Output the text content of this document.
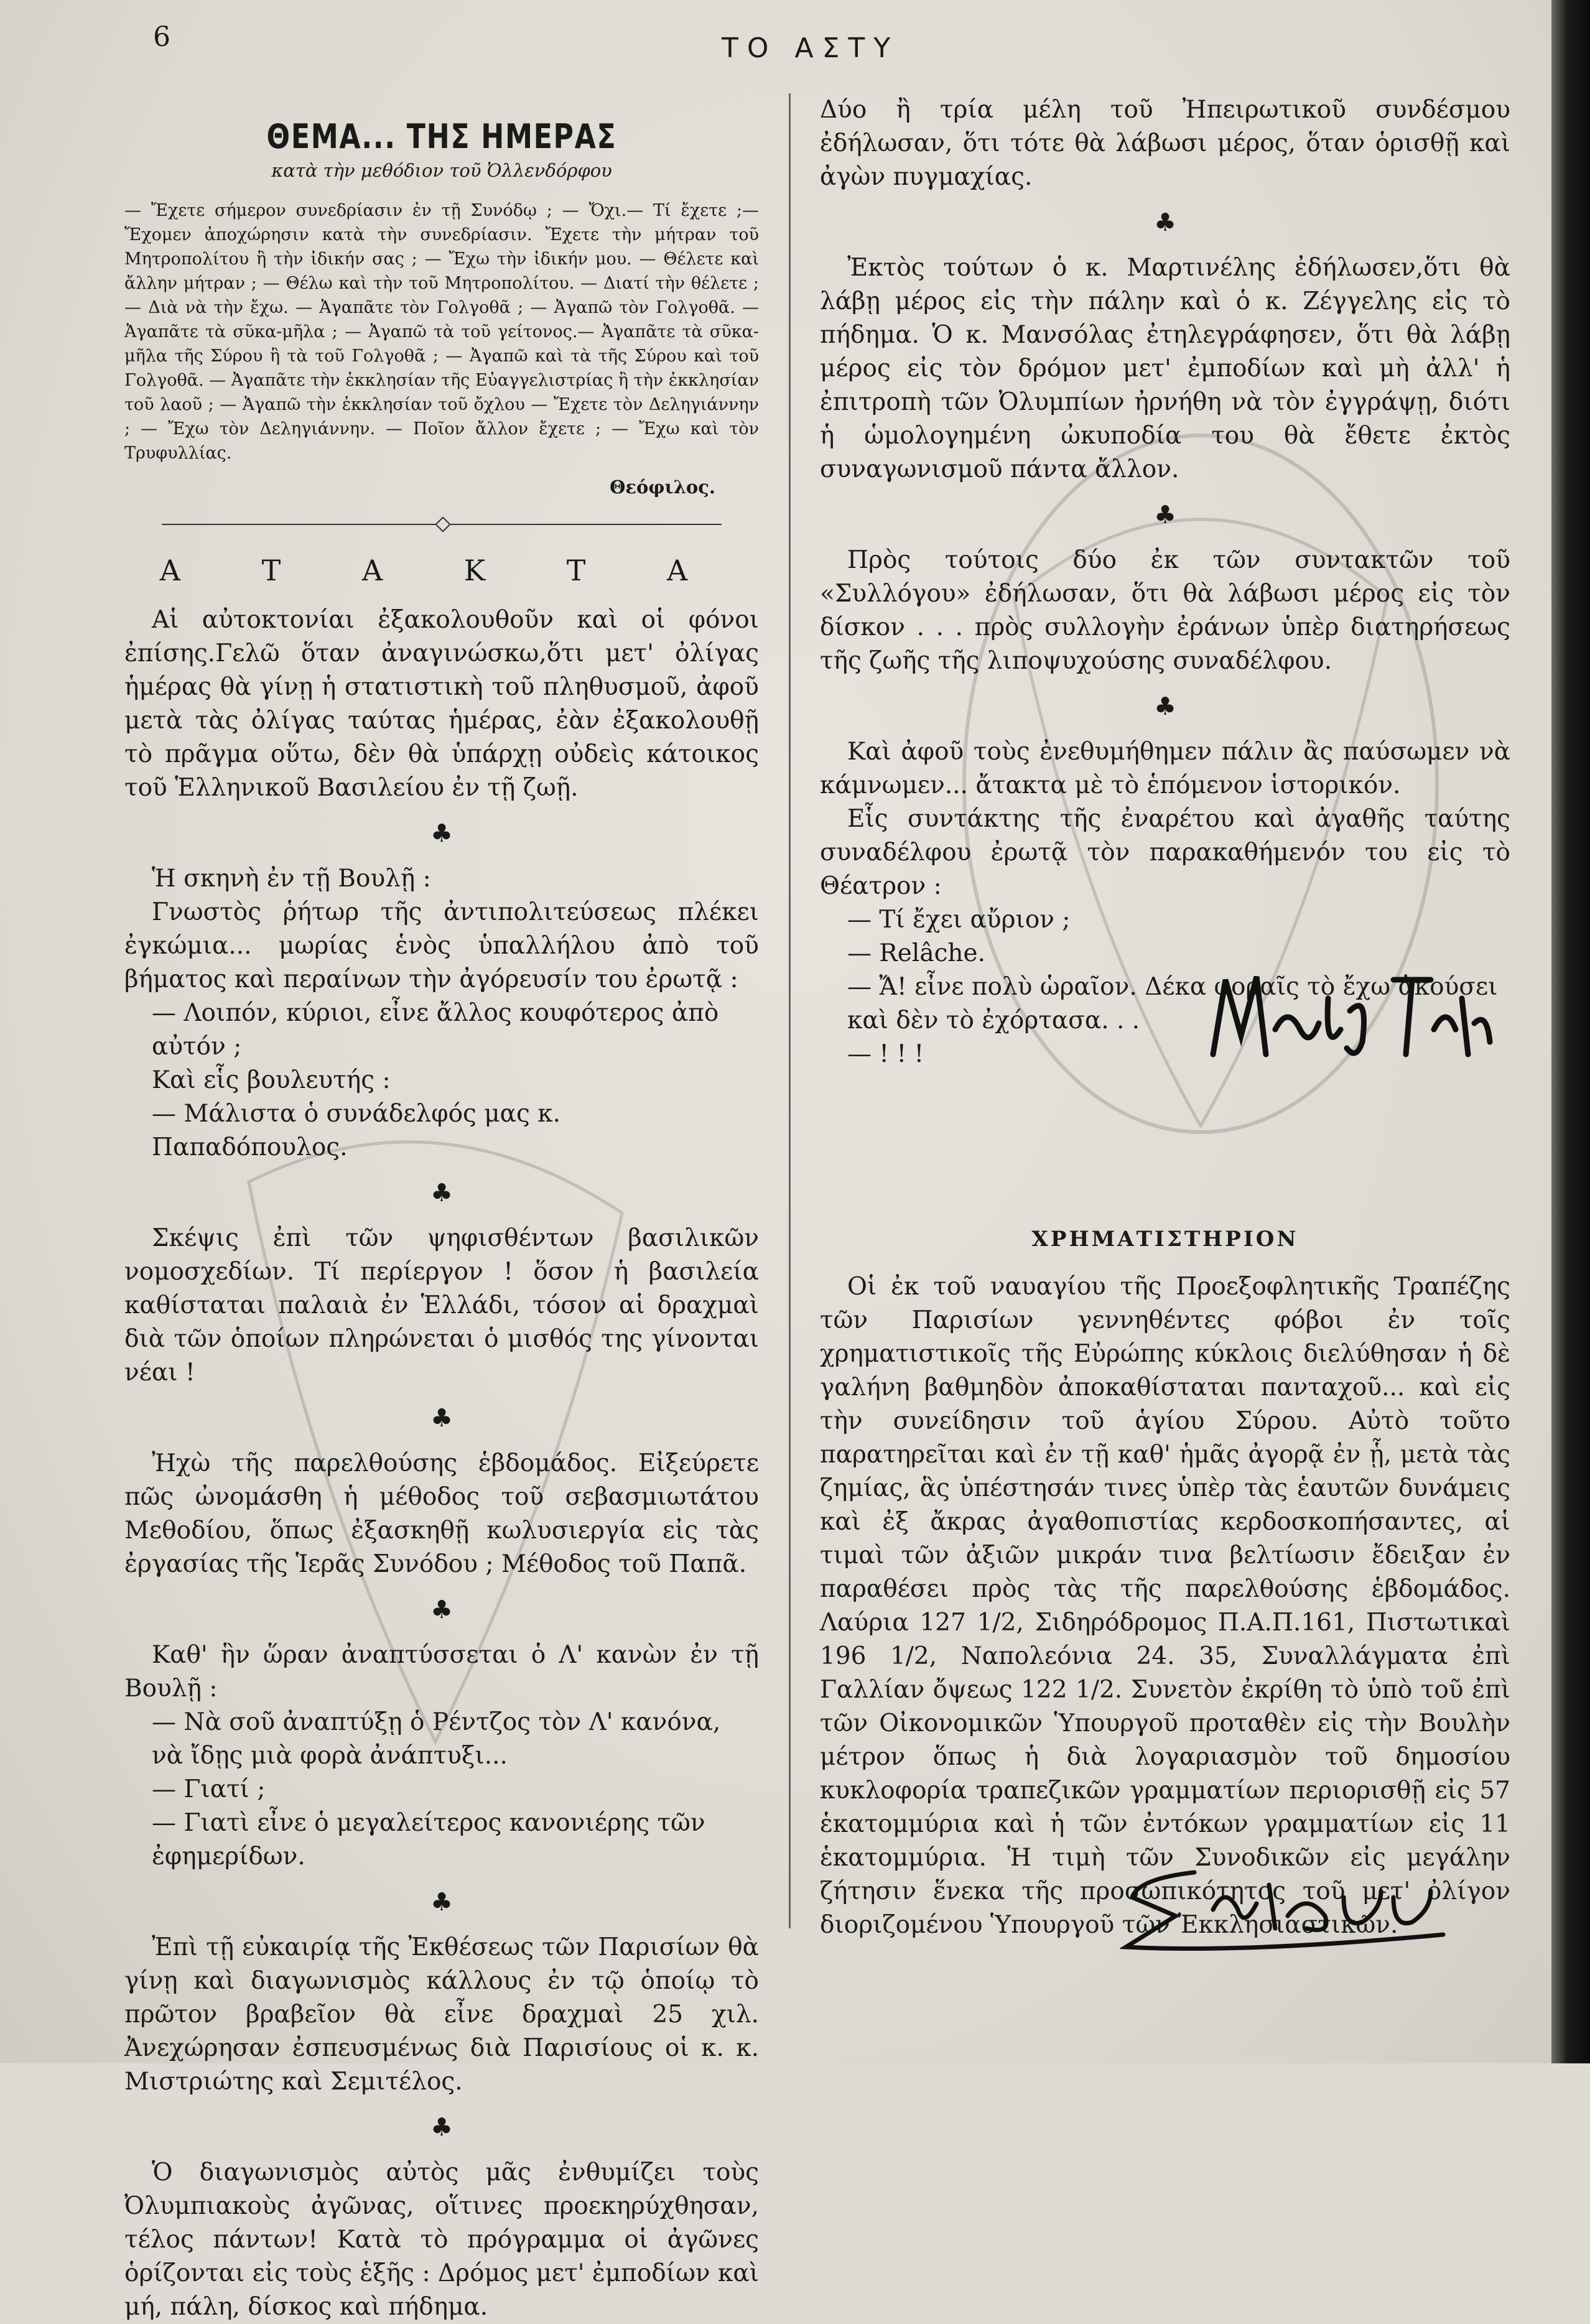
6	ΤΟ ΑΣΤΥ
ΘΕΜΑ... ΤΗΣ ΗΜΕΡΑΣ
κατὰ τὴν μεθόδιον τοῦ Ὀλλενδόρφου

— Ἔχετε σήμερον συνεδρίασιν ἐν τῇ Συνόδῳ ; — Ὄχι.— Τί ἔχετε ;— Ἔχομεν ἀποχώρησιν κατὰ τὴν συνεδρίασιν. Ἔχετε τὴν μήτραν τοῦ Μητροπολίτου ἢ τὴν ἰδικήν σας ; — Ἔχω τὴν ἰδικήν μου. — Θέλετε καὶ ἄλλην μήτραν ; — Θέλω καὶ τὴν τοῦ Μητροπολίτου. — Διατί τὴν θέλετε ; — Διὰ νὰ τὴν ἔχω. — Ἀγαπᾶτε τὸν Γολγοθᾶ ; — Ἀγαπῶ τὸν Γολγοθᾶ. — Ἀγαπᾶτε τὰ σῦκα-μῆλα ; — Ἀγαπῶ τὰ τοῦ γείτονος.— Ἀγαπᾶτε τὰ σῦκα-μῆλα τῆς Σύρου ἢ τὰ τοῦ Γολγοθᾶ ; — Ἀγαπῶ καὶ τὰ τῆς Σύρου καὶ τοῦ Γολγοθᾶ. — Ἀγαπᾶτε τὴν ἐκκλησίαν τῆς Εὐαγγελιστρίας ἢ τὴν ἐκκλησίαν τοῦ λαοῦ ; — Ἀγαπῶ τὴν ἐκκλησίαν τοῦ ὄχλου — Ἔχετε τὸν Δεληγιάννην ; — Ἔχω τὸν Δεληγιάννην. — Ποῖον ἄλλον ἔχετε ; — Ἔχω καὶ τὸν Τρυφυλλίας.

Θεόφιλος.
Α Τ Α Κ Τ Α

Αἱ αὐτοκτονίαι ἐξακολουθοῦν καὶ οἱ φόνοι ἐπίσης.Γελῶ ὅταν ἀναγινώσκω,ὅτι μετ' ὀλίγας ἡμέρας θὰ γίνῃ ἡ στατιστικὴ τοῦ πληθυσμοῦ, ἀφοῦ μετὰ τὰς ὀλίγας ταύτας ἡμέρας, ἐὰν ἐξακολουθῇ τὸ πρᾶγμα οὕτω, δὲν θὰ ὑπάρχῃ οὐδεὶς κάτοικος τοῦ Ἑλληνικοῦ Βασιλείου ἐν τῇ ζωῇ.

♣

Ἡ σκηνὴ ἐν τῇ Βουλῇ :

Γνωστὸς ῥήτωρ τῆς ἀντιπολιτεύσεως πλέκει ἐγκώμια... μωρίας ἑνὸς ὑπαλλήλου ἀπὸ τοῦ βήματος καὶ περαίνων τὴν ἀγόρευσίν του ἐρωτᾷ :

— Λοιπόν, κύριοι, εἶνε ἄλλος κουφότερος ἀπὸ αὐτόν ;

Καὶ εἷς βουλευτής :

— Μάλιστα ὁ συνάδελφός μας κ. Παπαδόπουλος.

♣

Σκέψις ἐπὶ τῶν ψηφισθέντων βασιλικῶν νομοσχεδίων. Τί περίεργον ! ὅσον ἡ βασιλεία καθίσταται παλαιὰ ἐν Ἑλλάδι, τόσον αἱ δραχμαὶ διὰ τῶν ὁποίων πληρώνεται ὁ μισθός της γίνονται νέαι !

♣

Ἠχὼ τῆς παρελθούσης ἑβδομάδος. Εἰξεύρετε πῶς ὠνομάσθη ἡ μέθοδος τοῦ σεβασμιωτάτου Μεθοδίου, ὅπως ἐξασκηθῇ κωλυσιεργία εἰς τὰς ἐργασίας τῆς Ἱερᾶς Συνόδου ; Μέθοδος τοῦ Παπᾶ.

♣

Καθ' ἣν ὥραν ἀναπτύσσεται ὁ Λ' κανὼν ἐν τῇ Βουλῇ :

— Νὰ σοῦ ἀναπτύξῃ ὁ Ρέντζος τὸν Λ' κανόνα, νὰ ἴδῃς μιὰ φορὰ ἀνάπτυξι...

— Γιατί ;

— Γιατὶ εἶνε ὁ μεγαλείτερος κανονιέρης τῶν ἐφημερίδων.

♣

Ἐπὶ τῇ εὐκαιρίᾳ τῆς Ἐκθέσεως τῶν Παρισίων θὰ γίνῃ καὶ διαγωνισμὸς κάλλους ἐν τῷ ὁποίῳ τὸ πρῶτον βραβεῖον θὰ εἶνε δραχμαὶ 25 χιλ. Ἀνεχώρησαν ἐσπευσμένως διὰ Παρισίους οἱ κ. κ. Μιστριώτης καὶ Σεμιτέλος.

♣

Ὁ διαγωνισμὸς αὐτὸς μᾶς ἐνθυμίζει τοὺς Ὀλυμπιακοὺς ἀγῶνας, οἵτινες προεκηρύχθησαν, τέλος πάντων! Κατὰ τὸ πρόγραμμα οἱ ἀγῶνες ὁρίζονται εἰς τοὺς ἑξῆς : Δρόμος μετ' ἐμποδίων καὶ μή, πάλη, δίσκος καὶ πήδημα.

Δύο ἢ τρία μέλη τοῦ Ἠπειρωτικοῦ συνδέσμου ἐδήλωσαν, ὅτι τότε θὰ λάβωσι μέρος, ὅταν ὁρισθῇ καὶ ἀγὼν πυγμαχίας.

♣

Ἐκτὸς τούτων ὁ κ. Μαρτινέλης ἐδήλωσεν,ὅτι θὰ λάβῃ μέρος εἰς τὴν πάλην καὶ ὁ κ. Ζέγγελης εἰς τὸ πήδημα. Ὁ κ. Μανσόλας ἐτηλεγράφησεν, ὅτι θὰ λάβῃ μέρος εἰς τὸν δρόμον μετ' ἐμποδίων καὶ μὴ ἀλλ' ἡ ἐπιτροπὴ τῶν Ὀλυμπίων ἠρνήθη νὰ τὸν ἐγγράψῃ, διότι ἡ ὡμολογημένη ὠκυποδία του θὰ ἔθετε ἐκτὸς συναγωνισμοῦ πάντα ἄλλον.

♣

Πρὸς τούτοις δύο ἐκ τῶν συντακτῶν τοῦ «Συλλόγου» ἐδήλωσαν, ὅτι θὰ λάβωσι μέρος εἰς τὸν δίσκον . . . πρὸς συλλογὴν ἐράνων ὑπὲρ διατηρήσεως τῆς ζωῆς τῆς λιποψυχούσης συναδέλφου.

♣

Καὶ ἀφοῦ τοὺς ἐνεθυμήθημεν πάλιν ἂς παύσωμεν νὰ κάμνωμεν... ἄτακτα μὲ τὸ ἑπόμενον ἱστορικόν.

Εἷς συντάκτης τῆς ἐναρέτου καὶ ἀγαθῆς ταύτης συναδέλφου ἐρωτᾷ τὸν παρακαθήμενόν του εἰς τὸ Θέατρον :

— Τί ἔχει αὔριον ;

— Relâche.

— Ἄ! εἶνε πολὺ ὡραῖον. Δέκα φοραῖς τὸ ἔχω ἀκούσει καὶ δὲν τὸ ἐχόρτασα. . .

— ! ! !

ΧΡΗΜΑΤΙΣΤΗΡΙΟΝ

Οἱ ἐκ τοῦ ναυαγίου τῆς Προεξοφλητικῆς Τραπέζης τῶν Παρισίων γεννηθέντες φόβοι ἐν τοῖς χρηματιστικοῖς τῆς Εὐρώπης κύκλοις διελύθησαν ἡ δὲ γαλήνη βαθμηδὸν ἀποκαθίσταται πανταχοῦ... καὶ εἰς τὴν συνείδησιν τοῦ ἁγίου Σύρου. Αὐτὸ τοῦτο παρατηρεῖται καὶ ἐν τῇ καθ' ἡμᾶς ἀγορᾷ ἐν ᾗ, μετὰ τὰς ζημίας, ἃς ὑπέστησάν τινες ὑπὲρ τὰς ἑαυτῶν δυνάμεις καὶ ἐξ ἄκρας ἀγαθοπιστίας κερδοσκοπήσαντες, αἱ τιμαὶ τῶν ἀξιῶν μικράν τινα βελτίωσιν ἔδειξαν ἐν παραθέσει πρὸς τὰς τῆς παρελθούσης ἑβδομάδος. Λαύρια 127 1/2, Σιδηρόδρομος Π.Α.Π.161, Πιστωτικαὶ 196 1/2, Ναπολεόνια 24. 35, Συναλλάγματα ἐπὶ Γαλλίαν ὄψεως 122 1/2. Συνετὸν ἐκρίθη τὸ ὑπὸ τοῦ ἐπὶ τῶν Οἰκονομικῶν Ὑπουργοῦ προταθὲν εἰς τὴν Βουλὴν μέτρον ὅπως ἡ διὰ λογαριασμὸν τοῦ δημοσίου κυκλοφορία τραπεζικῶν γραμματίων περιορισθῇ εἰς 57 ἑκατομμύρια καὶ ἡ τῶν ἐντόκων γραμματίων εἰς 11 ἑκατομμύρια. Ἡ τιμὴ τῶν Συνοδικῶν εἰς μεγάλην ζήτησιν ἕνεκα τῆς προσωπικότητος τοῦ μετ' ὀλίγον διοριζομένου Ὑπουργοῦ τῶν Ἐκκλησιαστικῶν.
